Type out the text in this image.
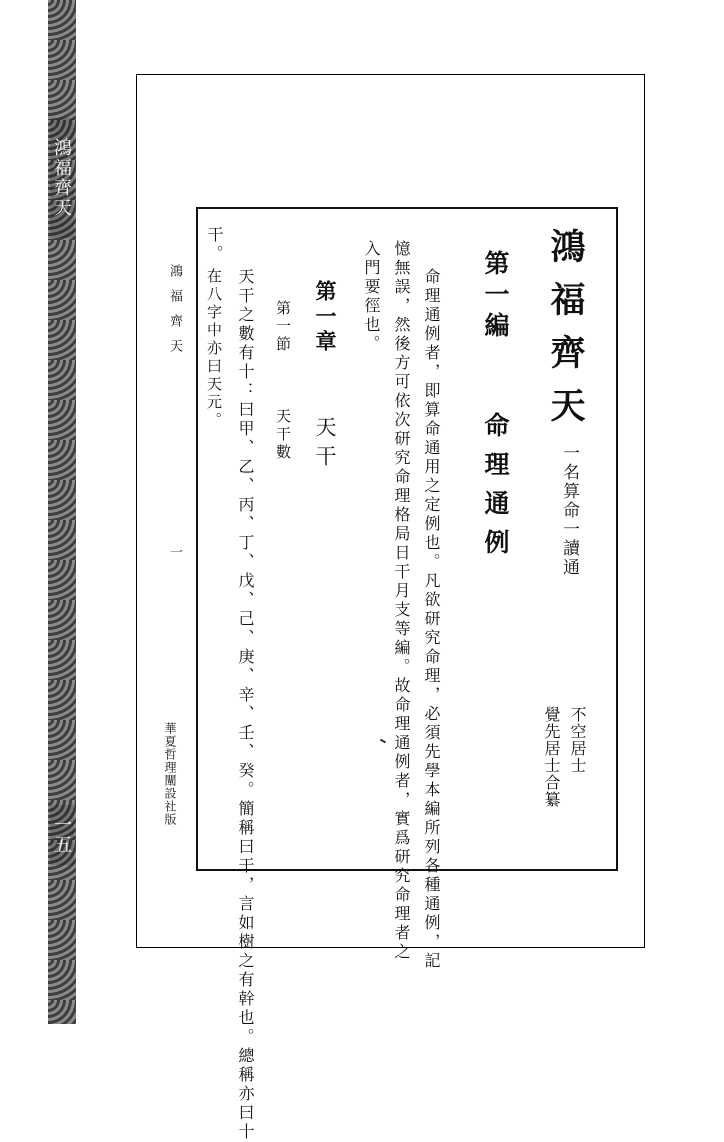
鴻福齊天
一五

鴻福齊天

一名算命一讀通

不空居士

覺先居士合纂

第一編

命理通例

命理通例者，即算命通用之定例也。凡欲研究命理，必須先學本編所列各種通例，記

憶無誤，然後方可依次研究命理格局日干月支等編。故命理通例者，實爲研究命理者之

入門要徑也。

第一章

天干

第一節

天干數

天干之數有十：曰甲、乙、丙、丁、戊、己、庚、辛、壬、癸。簡稱曰干，言如樹之有幹也。總稱亦曰十

干。

在八字中亦曰天元。

鴻福齊天

一

華夏哲理闡設社版
